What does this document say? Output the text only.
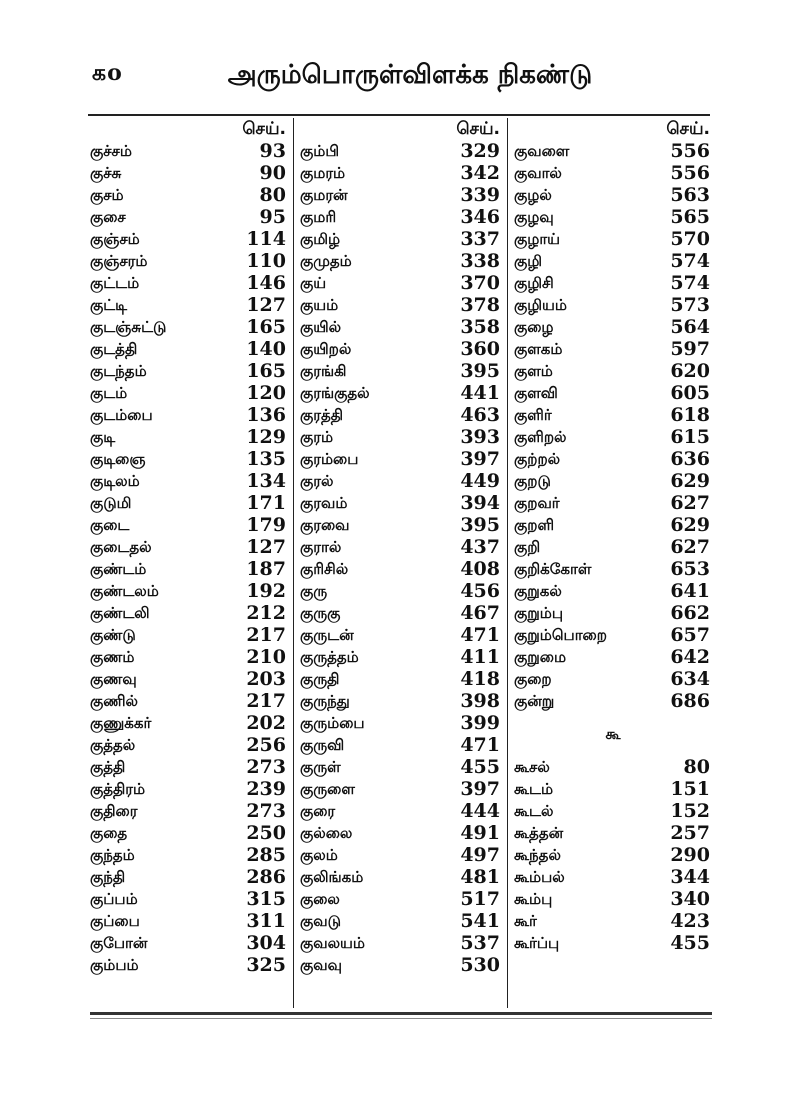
கo	அரும்பொருள்விளக்க நிகண்டு
செய்.
குச்சம்	93
குச்சு	90
குசம்	80
குசை	95
குஞ்சம்	114
குஞ்சரம்	110
குட்டம்	146
குட்டி	127
குடஞ்சுட்டு	165
குடத்தி	140
குடந்தம்	165
குடம்	120
குடம்பை	136
குடி	129
குடிஞை	135
குடிலம்	134
குடுமி	171
குடை	179
குடைதல்	127
குண்டம்	187
குண்டலம்	192
குண்டலி	212
குண்டு	217
குணம்	210
குணவு	203
குணில்	217
குணுக்கர்	202
குத்தல்	256
குத்தி	273
குத்திரம்	239
குதிரை	273
குதை	250
குந்தம்	285
குந்தி	286
குப்பம்	315
குப்பை	311
குபோன்	304
கும்பம்	325
செய்.
கும்பி	329
குமரம்	342
குமரன்	339
குமரி	346
குமிழ்	337
குமுதம்	338
குய்	370
குயம்	378
குயில்	358
குயிறல்	360
குரங்கி	395
குரங்குதல்	441
குரத்தி	463
குரம்	393
குரம்பை	397
குரல்	449
குரவம்	394
குரவை	395
குரால்	437
குரிசில்	408
குரு	456
குருகு	467
குருடன்	471
குருத்தம்	411
குருதி	418
குருந்து	398
குரும்பை	399
குருவி	471
குருள்	455
குருளை	397
குரை	444
குல்லை	491
குலம்	497
குலிங்கம்	481
குலை	517
குவடு	541
குவலயம்	537
குவவு	530
செய்.
குவளை	556
குவால்	556
குழல்	563
குழவு	565
குழாய்	570
குழி	574
குழிசி	574
குழியம்	573
குழை	564
குளகம்	597
குளம்	620
குளவி	605
குளிர்	618
குளிறல்	615
குற்றல்	636
குறடு	629
குறவர்	627
குறளி	629
குறி	627
குறிக்கோள்	653
குறுகல்	641
குறும்பு	662
குறும்பொறை	657
குறுமை	642
குறை	634
குன்று	686
கூ
கூசல்	80
கூடம்	151
கூடல்	152
கூத்தன்	257
கூந்தல்	290
கூம்பல்	344
கூம்பு	340
கூர்	423
கூர்ப்பு	455
